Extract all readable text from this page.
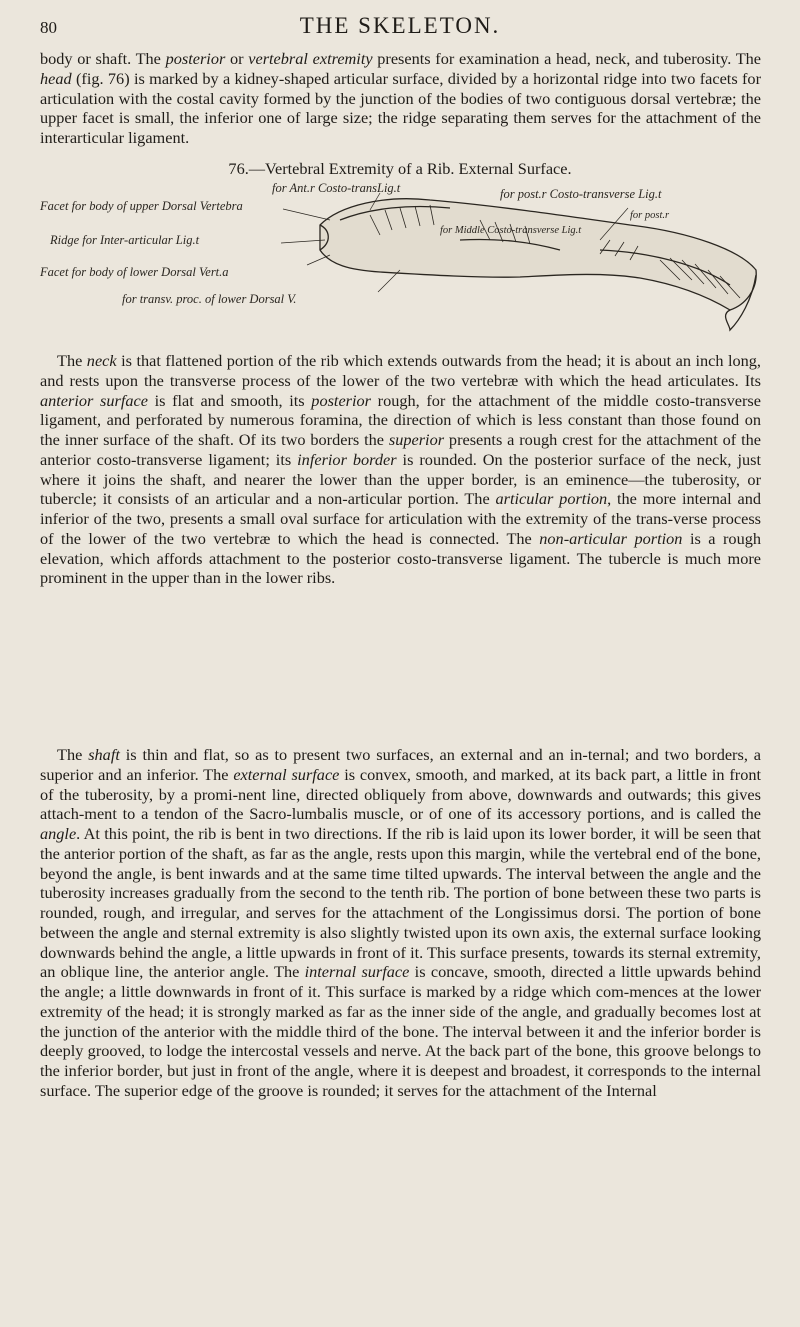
80	THE SKELETON.

body or shaft. The posterior or vertebral extremity presents for examination a head, neck, and tuberosity. The head (fig. 76) is marked by a kidney-shaped articular surface, divided by a horizontal ridge into two facets for articulation with the costal cavity formed by the junction of the bodies of two contiguous dorsal vertebræ; the upper facet is small, the inferior one of large size; the ridge separating them serves for the attachment of the interarticular ligament.

76.—Vertebral Extremity of a Rib. External Surface.
Facet for body of upper Dorsal Vertebra
Ridge for Inter-articular Lig.t
Facet for body of lower Dorsal Vert.a
for transv. proc. of lower Dorsal V.
for Ant.r Costo-transLig.t	for post.r Costo-transverse Lig.t
for Middle Costo-transverse Lig.t
for post.r

The neck is that flattened portion of the rib which extends outwards from the head; it is about an inch long, and rests upon the transverse process of the lower of the two vertebræ with which the head articulates. Its anterior surface is flat and smooth, its posterior rough, for the attachment of the middle costo-transverse ligament, and perforated by numerous foramina, the direction of which is less constant than those found on the inner surface of the shaft. Of its two borders the superior presents a rough crest for the attachment of the anterior costo-transverse ligament; its inferior border is rounded. On the posterior surface of the neck, just where it joins the shaft, and nearer the lower than the upper border, is an eminence—the tuberosity, or tubercle; it consists of an articular and a non-articular portion. The articular portion, the more internal and inferior of the two, presents a small oval surface for articulation with the extremity of the trans-verse process of the lower of the two vertebræ to which the head is connected. The non-articular portion is a rough elevation, which affords attachment to the posterior costo-transverse ligament. The tubercle is much more prominent in the upper than in the lower ribs.

The shaft is thin and flat, so as to present two surfaces, an external and an in-ternal; and two borders, a superior and an inferior. The external surface is convex, smooth, and marked, at its back part, a little in front of the tuberosity, by a promi-nent line, directed obliquely from above, downwards and outwards; this gives attach-ment to a tendon of the Sacro-lumbalis muscle, or of one of its accessory portions, and is called the angle. At this point, the rib is bent in two directions. If the rib is laid upon its lower border, it will be seen that the anterior portion of the shaft, as far as the angle, rests upon this margin, while the vertebral end of the bone, beyond the angle, is bent inwards and at the same time tilted upwards. The interval between the angle and the tuberosity increases gradually from the second to the tenth rib. The portion of bone between these two parts is rounded, rough, and irregular, and serves for the attachment of the Longissimus dorsi. The portion of bone between the angle and sternal extremity is also slightly twisted upon its own axis, the external surface looking downwards behind the angle, a little upwards in front of it. This surface presents, towards its sternal extremity, an oblique line, the anterior angle. The internal surface is concave, smooth, directed a little upwards behind the angle; a little downwards in front of it. This surface is marked by a ridge which com-mences at the lower extremity of the head; it is strongly marked as far as the inner side of the angle, and gradually becomes lost at the junction of the anterior with the middle third of the bone. The interval between it and the inferior border is deeply grooved, to lodge the intercostal vessels and nerve. At the back part of the bone, this groove belongs to the inferior border, but just in front of the angle, where it is deepest and broadest, it corresponds to the internal surface. The superior edge of the groove is rounded; it serves for the attachment of the Internal
